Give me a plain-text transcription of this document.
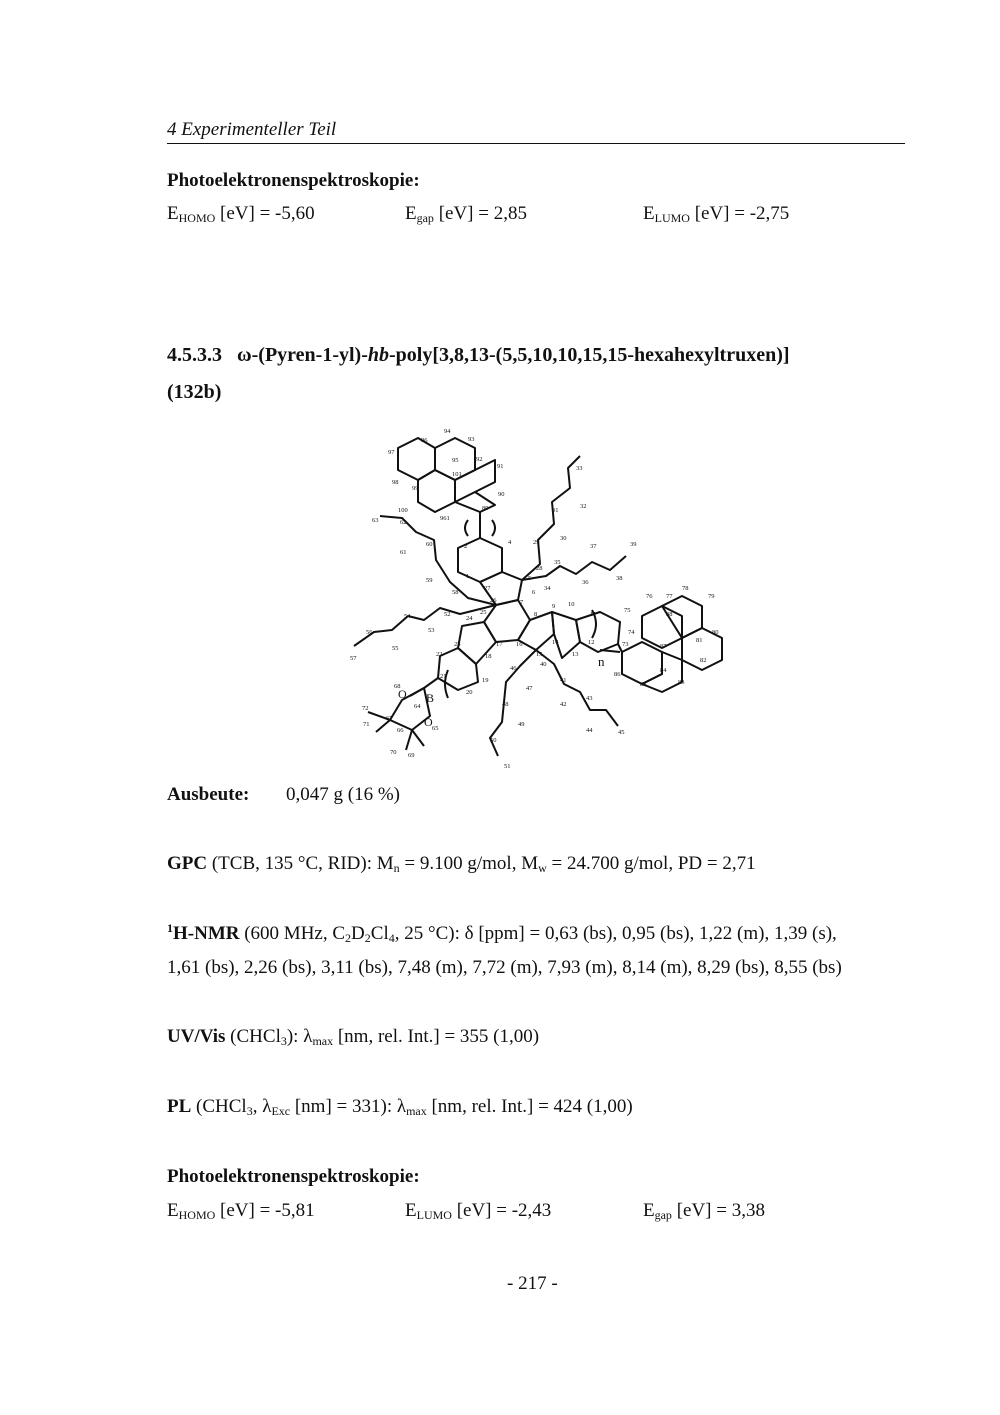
4 Experimenteller Teil
Photoelektronenspektroskopie:
$E_{HOMO}$ [eV] = -5,60	$E_{gap}$ [eV] = 2,85	$E_{LUMO}$ [eV] = -2,75
4.5.3.3 ω-(Pyren-1-yl)-hb-poly[3,8,13-(5,5,10,10,15,15-hexahexyltruxen)]
(132b)
96
94
93
97
92
91
98
99
101
90
100
961
89
2
4
1
27
5
26
6
7
8
9 10
11
12
13
14
15
16
17
18
19
20
21
22
23
24
25
28
29
30
31
32
33
34
35
36
37
38
39
40
41
42
43
44	45
46
47
48
49
50
51
52
53
54
55
56
57
58
59
60
61
62
63
64
65
66
67
68
69
70
71
72
73
74
75
76 77
78
79
80
81
82
83
84
85
86
87
88
95
B
O
O
n
Ausbeute: 0,047 g (16 %)
GPC (TCB, 135 °C, RID): $M_n = 9.100$ g/mol, $M_w = 24.700$ g/mol, PD = 2,71
$^1$H-NMR (600 MHz, $C_2D_2Cl_4$, 25 °C): δ [ppm] = 0,63 (bs), 0,95 (bs), 1,22 (m), 1,39 (s),
1,61 (bs), 2,26 (bs), 3,11 (bs), 7,48 (m), 7,72 (m), 7,93 (m), 8,14 (m), 8,29 (bs), 8,55 (bs)
UV/Vis (CHCl$_3$): $\lambda_{max}$ [nm, rel. Int.] = 355 (1,00)
PL (CHCl$_3$, $\lambda_{Exc}$ [nm] = 331): $\lambda_{max}$ [nm, rel. Int.] = 424 (1,00)
Photoelektronenspektroskopie:
$E_{HOMO}$ [eV] = -5,81	$E_{LUMO}$ [eV] = -2,43	$E_{gap}$ [eV] = 3,38
- 217 -
